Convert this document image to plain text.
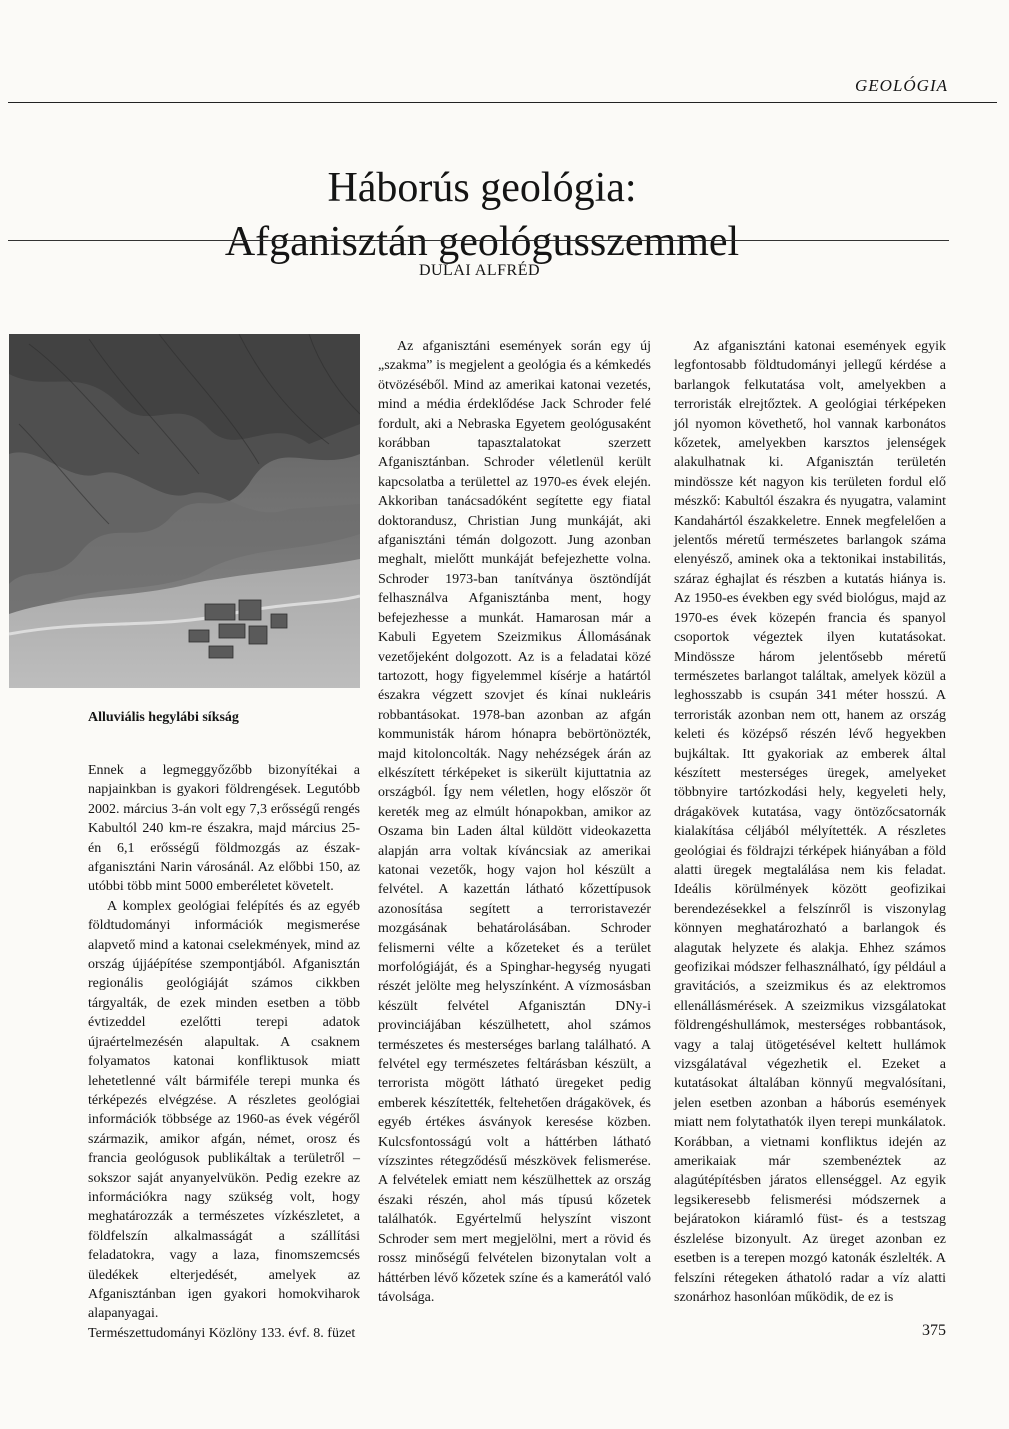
GEOLÓGIA
Háborús geológia:
Afganisztán geológusszemmel
DULAI ALFRÉD
Alluviális hegylábi síkság

Ennek a legmeggyőzőbb bizonyítékai a napjainkban is gyakori földrengések. Legutóbb 2002. március 3-án volt egy 7,3 erősségű rengés Kabultól 240 km-re északra, majd március 25-én 6,1 erősségű földmozgás az észak-afganisztáni Narin városánál. Az előbbi 150, az utóbbi több mint 5000 emberéletet követelt.

A komplex geológiai felépítés és az egyéb földtudományi információk megismerése alapvető mind a katonai cselekmények, mind az ország újjáépítése szempontjából. Afganisztán regionális geológiáját számos cikkben tárgyalták, de ezek minden esetben a több évtizeddel ezelőtti terepi adatok újraértelmezésén alapultak. A csaknem folyamatos katonai konfliktusok miatt lehetetlenné vált bármiféle terepi munka és térképezés elvégzése. A részletes geológiai információk többsége az 1960-as évek végéről származik, amikor afgán, német, orosz és francia geológusok publikáltak a területről – sokszor saját anyanyelvükön. Pedig ezekre az információkra nagy szükség volt, hogy meghatározzák a természetes vízkészletet, a földfelszín alkalmasságát a szállítási feladatokra, vagy a laza, finomszemcsés üledékek elterjedését, amelyek az Afganisztánban igen gyakori homokviharok alapanyagai.

Az afganisztáni események során egy új „szakma” is megjelent a geológia és a kémkedés ötvözéséből. Mind az amerikai katonai vezetés, mind a média érdeklődése Jack Schroder felé fordult, aki a Nebraska Egyetem geológusaként korábban tapasztalatokat szerzett Afganisztánban. Schroder véletlenül került kapcsolatba a területtel az 1970-es évek elején. Akkoriban tanácsadóként segítette egy fiatal doktorandusz, Christian Jung munkáját, aki afganisztáni témán dolgozott. Jung azonban meghalt, mielőtt munkáját befejezhette volna. Schroder 1973-ban tanítványa ösztöndíját felhasználva Afganisztánba ment, hogy befejezhesse a munkát. Hamarosan már a Kabuli Egyetem Szeizmikus Állomásának vezetőjeként dolgozott. Az is a feladatai közé tartozott, hogy figyelemmel kísérje a határtól északra végzett szovjet és kínai nukleáris robbantásokat. 1978-ban azonban az afgán kommunisták három hónapra bebörtönözték, majd kitoloncolták. Nagy nehézségek árán az elkészített térképeket is sikerült kijuttatnia az országból. Így nem véletlen, hogy először őt kereték meg az elmúlt hónapokban, amikor az Oszama bin Laden által küldött videokazetta alapján arra voltak kíváncsiak az amerikai katonai vezetők, hogy vajon hol készült a felvétel. A kazettán látható kőzettípusok azonosítása segített a terroristavezér mozgásának behatárolásában. Schroder felismerni vélte a kőzeteket és a terület morfológiáját, és a Spinghar-hegység nyugati részét jelölte meg helyszínként. A vízmosásban készült felvétel Afganisztán DNy-i provinciájában készülhetett, ahol számos természetes és mesterséges barlang található. A felvétel egy természetes feltárásban készült, a terrorista mögött látható üregeket pedig emberek készítették, feltehetően drágakövek, és egyéb értékes ásványok keresése közben. Kulcsfontosságú volt a háttérben látható vízszintes rétegződésű mészkövek felismerése. A felvételek emiatt nem készülhettek az ország északi részén, ahol más típusú kőzetek találhatók. Egyértelmű helyszínt viszont Schroder sem mert megjelölni, mert a rövid és rossz minőségű felvételen bizonytalan volt a háttérben lévő kőzetek színe és a kamerától való távolsága.

Az afganisztáni katonai események egyik legfontosabb földtudományi jellegű kérdése a barlangok felkutatása volt, amelyekben a terroristák elrejtőztek. A geológiai térképeken jól nyomon követhető, hol vannak karbonátos kőzetek, amelyekben karsztos jelenségek alakulhatnak ki. Afganisztán területén mindössze két nagyon kis területen fordul elő mészkő: Kabultól északra és nyugatra, valamint Kandahártól északkeletre. Ennek megfelelően a jelentős méretű természetes barlangok száma elenyésző, aminek oka a tektonikai instabilitás, száraz éghajlat és részben a kutatás hiánya is. Az 1950-es években egy svéd biológus, majd az 1970-es évek közepén francia és spanyol csoportok végeztek ilyen kutatásokat. Mindössze három jelentősebb méretű természetes barlangot találtak, amelyek közül a leghosszabb is csupán 341 méter hosszú. A terroristák azonban nem ott, hanem az ország keleti és középső részén lévő hegyekben bujkáltak. Itt gyakoriak az emberek által készített mesterséges üregek, amelyeket többnyire tartózkodási hely, kegyeleti hely, drágakövek kutatása, vagy öntözőcsatornák kialakítása céljából mélyítették. A részletes geológiai és földrajzi térképek hiányában a föld alatti üregek megtalálása nem kis feladat. Ideális körülmények között geofizikai berendezésekkel a felszínről is viszonylag könnyen meghatározható a barlangok és alagutak helyzete és alakja. Ehhez számos geofizikai módszer felhasználható, így például a gravitációs, a szeizmikus és az elektromos ellenállásmérések. A szeizmikus vizsgálatokat földrengéshullámok, mesterséges robbantások, vagy a talaj ütögetésével keltett hullámok vizsgálatával végezhetik el. Ezeket a kutatásokat általában könnyű megvalósítani, jelen esetben azonban a háborús események miatt nem folytathatók ilyen terepi munkálatok. Korábban, a vietnami konfliktus idején az amerikaiak már szembenéztek az alagútépítésben járatos ellenséggel. Az egyik legsikeresebb felismerési módszernek a bejáratokon kiáramló füst- és a testszag észlelése bizonyult. Az üreget azonban ez esetben is a terepen mozgó katonák észlelték. A felszíni rétegeken áthatoló radar a víz alatti szonárhoz hasonlóan működik, de ez is

Természettudományi Közlöny 133. évf. 8. füzet	375
